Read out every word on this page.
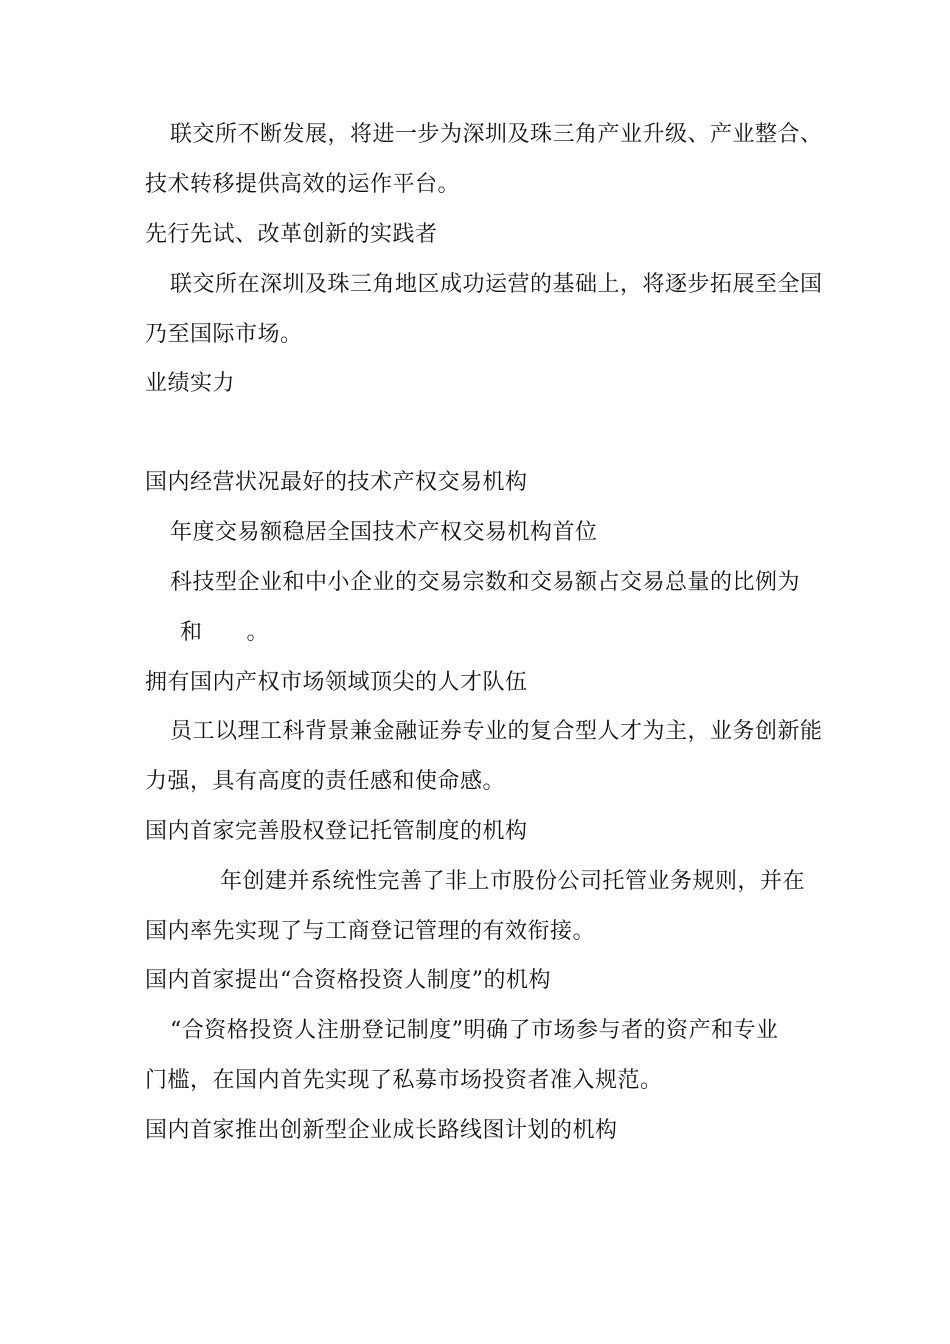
联交所不断发展，将进一步为深圳及珠三角产业升级、产业整合、
技术转移提供高效的运作平台。
先行先试、改革创新的实践者
联交所在深圳及珠三角地区成功运营的基础上，将逐步拓展至全国
乃至国际市场。
业绩实力
国内经营状况最好的技术产权交易机构
年度交易额稳居全国技术产权交易机构首位
科技型企业和中小企业的交易宗数和交易额占交易总量的比例为
和 。
拥有国内产权市场领域顶尖的人才队伍
员工以理工科背景兼金融证券专业的复合型人才为主，业务创新能
力强，具有高度的责任感和使命感。
国内首家完善股权登记托管制度的机构
年创建并系统性完善了非上市股份公司托管业务规则，并在
国内率先实现了与工商登记管理的有效衔接。
国内首家提出“合资格投资人制度”的机构
“合资格投资人注册登记制度”明确了市场参与者的资产和专业
门槛，在国内首先实现了私募市场投资者准入规范。
国内首家推出创新型企业成长路线图计划的机构
